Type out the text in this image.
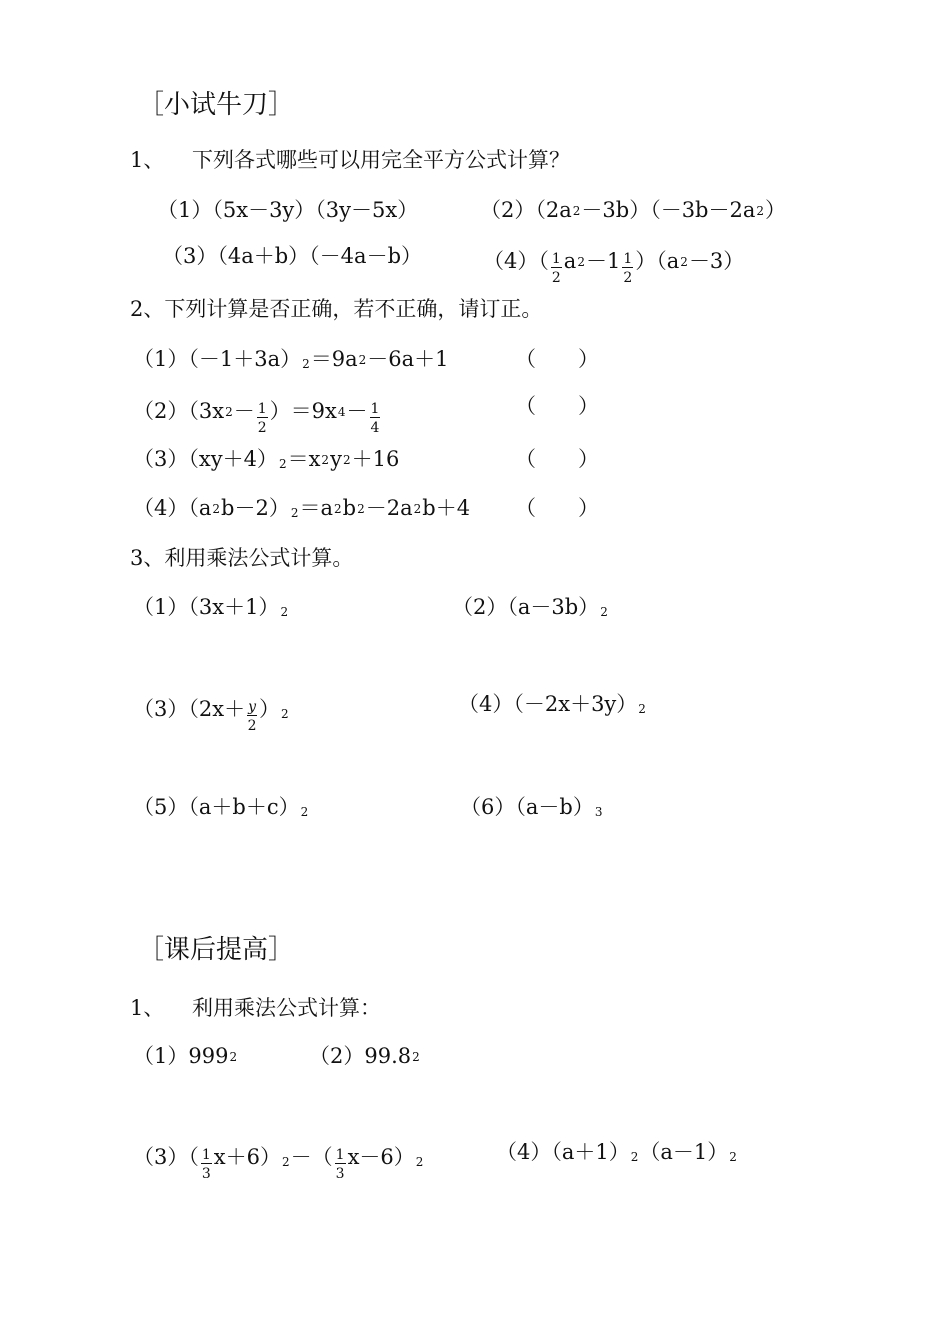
［小试牛刀］
1、 下列各式哪些可以用完全平方公式计算？
（1）（5x－3y）（3y－5x）	（2）（2a2－3b）（－3b－2a2）
（3）（4a＋b）（－4a－b）	$(4)( \frac{1}{2} a2-1 \frac{1}{2} )(a2-3)$
2、下列计算是否正确，若不正确，请订正。
（1）（－1＋3a）2＝9a2－6a＋1	（　　）
$(2)(3x2- \frac{1}{2} )=9x4- \frac{1}{4}$	（　　）
（3）（xy＋4）2＝x2y2＋16	（　　）
（4）（a2b－2）2＝a2b2－2a2b＋4 （　　）
3、利用乘法公式计算。
（1）（3x＋1）2	（2）（a－3b）2
$(3)(2x+ \frac{y}{2} )2$	（4）（－2x＋3y）2
（5）（a＋b＋c）2	（6）（a－b）3
［课后提高］
1、 利用乘法公式计算：
（1）9992	（2）99.82
$(3)( \frac{1}{3} x+6)2-( \frac{1}{3} x-6)2$	（4）（a＋1）2（a－1）2
